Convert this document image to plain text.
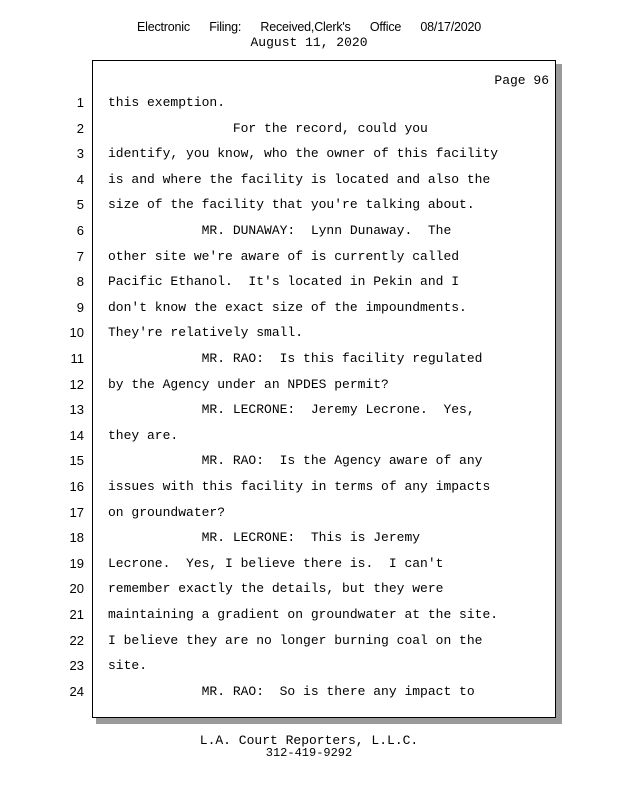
Electronic Filing: Received,Clerk's Office 08/17/2020
August 11, 2020
Page 96
1 this exemption.
2 For the record, could you
3 identify, you know, who the owner of this facility
4 is and where the facility is located and also the
5 size of the facility that you're talking about.
6 MR. DUNAWAY:  Lynn Dunaway.  The
7 other site we're aware of is currently called
8 Pacific Ethanol.  It's located in Pekin and I
9 don't know the exact size of the impoundments.
10 They're relatively small.
11 MR. RAO:  Is this facility regulated
12 by the Agency under an NPDES permit?
13 MR. LECRONE:  Jeremy Lecrone.  Yes,
14 they are.
15 MR. RAO:  Is the Agency aware of any
16 issues with this facility in terms of any impacts
17 on groundwater?
18 MR. LECRONE:  This is Jeremy
19 Lecrone.  Yes, I believe there is.  I can't
20 remember exactly the details, but they were
21 maintaining a gradient on groundwater at the site.
22 I believe they are no longer burning coal on the
23 site.
24 MR. RAO:  So is there any impact to
L.A. Court Reporters, L.L.C.
312-419-9292
